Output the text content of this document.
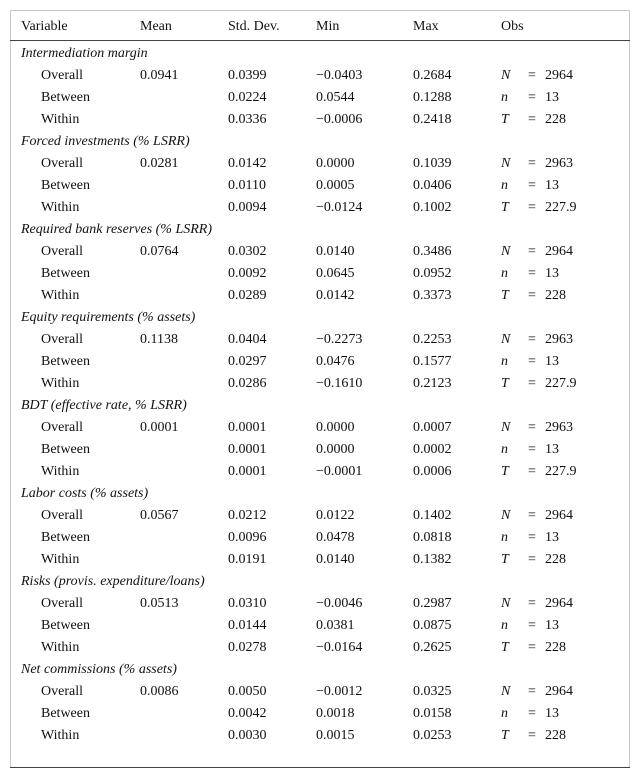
Variable	Mean	Std. Dev.	Min	Max	Obs
Intermediation margin					
Overall	0.0941	0.0399	−0.0403	0.2684	N = 2964
Between		0.0224	0.0544	0.1288	n = 13
Within		0.0336	−0.0006	0.2418	T = 228
Forced investments (% LSRR)					
Overall	0.0281	0.0142	0.0000	0.1039	N = 2963
Between		0.0110	0.0005	0.0406	n = 13
Within		0.0094	−0.0124	0.1002	T = 227.9
Required bank reserves (% LSRR)					
Overall	0.0764	0.0302	0.0140	0.3486	N = 2964
Between		0.0092	0.0645	0.0952	n = 13
Within		0.0289	0.0142	0.3373	T = 228
Equity requirements (% assets)					
Overall	0.1138	0.0404	−0.2273	0.2253	N = 2963
Between		0.0297	0.0476	0.1577	n = 13
Within		0.0286	−0.1610	0.2123	T = 227.9
BDT (effective rate, % LSRR)					
Overall	0.0001	0.0001	0.0000	0.0007	N = 2963
Between		0.0001	0.0000	0.0002	n = 13
Within		0.0001	−0.0001	0.0006	T = 227.9
Labor costs (% assets)					
Overall	0.0567	0.0212	0.0122	0.1402	N = 2964
Between		0.0096	0.0478	0.0818	n = 13
Within		0.0191	0.0140	0.1382	T = 228
Risks (provis. expenditure/loans)					
Overall	0.0513	0.0310	−0.0046	0.2987	N = 2964
Between		0.0144	0.0381	0.0875	n = 13
Within		0.0278	−0.0164	0.2625	T = 228
Net commissions (% assets)					
Overall	0.0086	0.0050	−0.0012	0.0325	N = 2964
Between		0.0042	0.0018	0.0158	n = 13
Within		0.0030	0.0015	0.0253	T = 228
